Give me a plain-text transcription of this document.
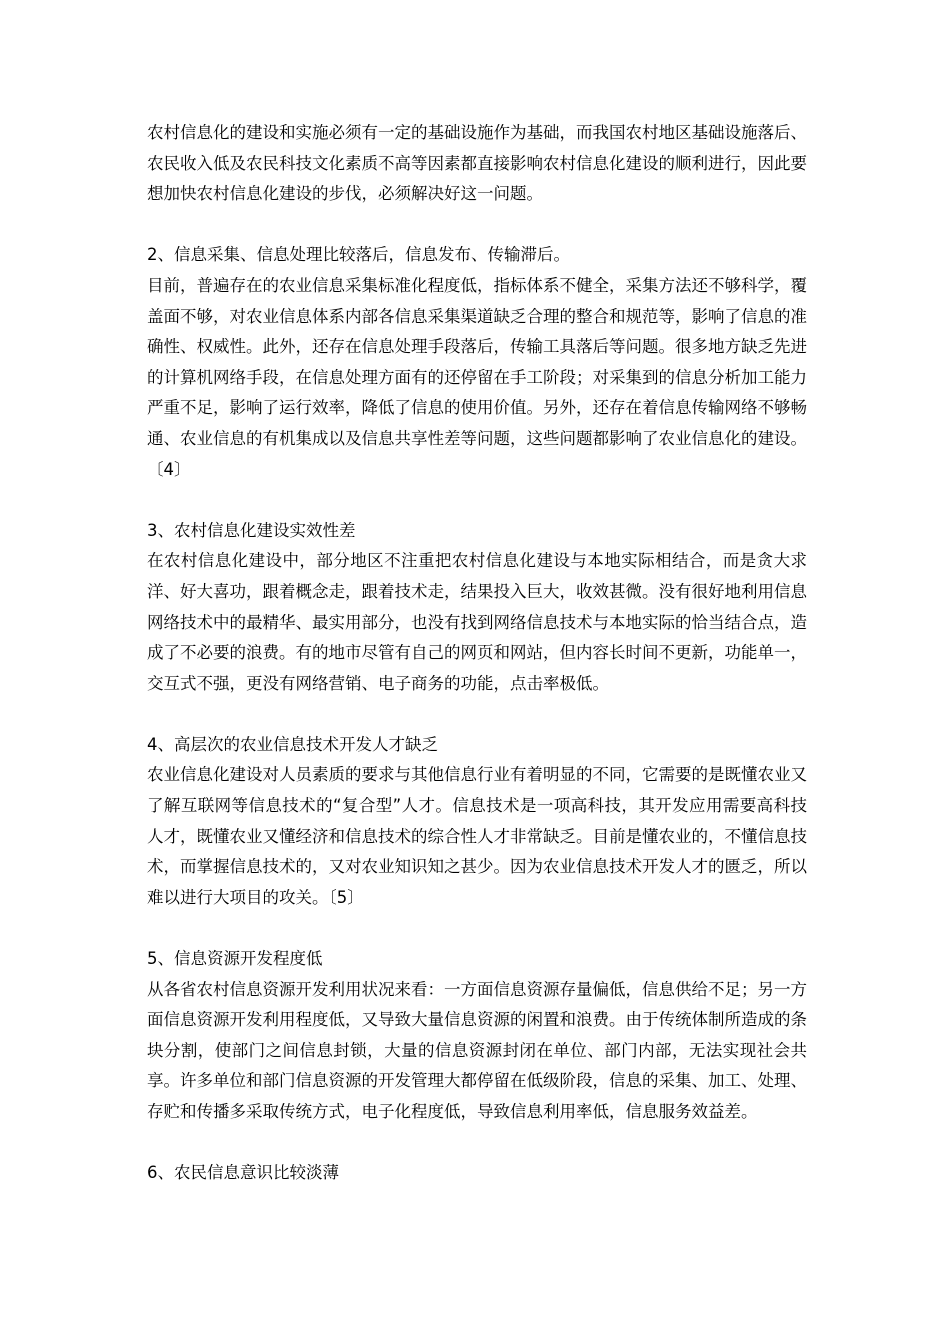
农村信息化的建设和实施必须有一定的基础设施作为基础，而我国农村地区基础设施落后、农民收入低及农民科技文化素质不高等因素都直接影响农村信息化建设的顺利进行，因此要想加快农村信息化建设的步伐，必须解决好这一问题。

2、信息采集、信息处理比较落后，信息发布、传输滞后。

目前，普遍存在的农业信息采集标准化程度低，指标体系不健全，采集方法还不够科学，覆盖面不够，对农业信息体系内部各信息采集渠道缺乏合理的整合和规范等，影响了信息的准确性、权威性。此外，还存在信息处理手段落后，传输工具落后等问题。很多地方缺乏先进的计算机网络手段，在信息处理方面有的还停留在手工阶段；对采集到的信息分析加工能力严重不足，影响了运行效率，降低了信息的使用价值。另外，还存在着信息传输网络不够畅通、农业信息的有机集成以及信息共享性差等问题，这些问题都影响了农业信息化的建设。〔4〕

3、农村信息化建设实效性差

在农村信息化建设中，部分地区不注重把农村信息化建设与本地实际相结合，而是贪大求洋、好大喜功，跟着概念走，跟着技术走，结果投入巨大，收效甚微。没有很好地利用信息网络技术中的最精华、最实用部分，也没有找到网络信息技术与本地实际的恰当结合点，造成了不必要的浪费。有的地市尽管有自己的网页和网站，但内容长时间不更新，功能单一，交互式不强，更没有网络营销、电子商务的功能，点击率极低。

4、高层次的农业信息技术开发人才缺乏

农业信息化建设对人员素质的要求与其他信息行业有着明显的不同，它需要的是既懂农业又了解互联网等信息技术的“复合型”人才。信息技术是一项高科技，其开发应用需要高科技人才，既懂农业又懂经济和信息技术的综合性人才非常缺乏。目前是懂农业的，不懂信息技术，而掌握信息技术的，又对农业知识知之甚少。因为农业信息技术开发人才的匮乏，所以难以进行大项目的攻关。〔5〕

5、信息资源开发程度低

从各省农村信息资源开发利用状况来看：一方面信息资源存量偏低，信息供给不足；另一方面信息资源开发利用程度低，又导致大量信息资源的闲置和浪费。由于传统体制所造成的条块分割，使部门之间信息封锁，大量的信息资源封闭在单位、部门内部，无法实现社会共享。许多单位和部门信息资源的开发管理大都停留在低级阶段，信息的采集、加工、处理、存贮和传播多采取传统方式，电子化程度低，导致信息利用率低，信息服务效益差。

6、农民信息意识比较淡薄
